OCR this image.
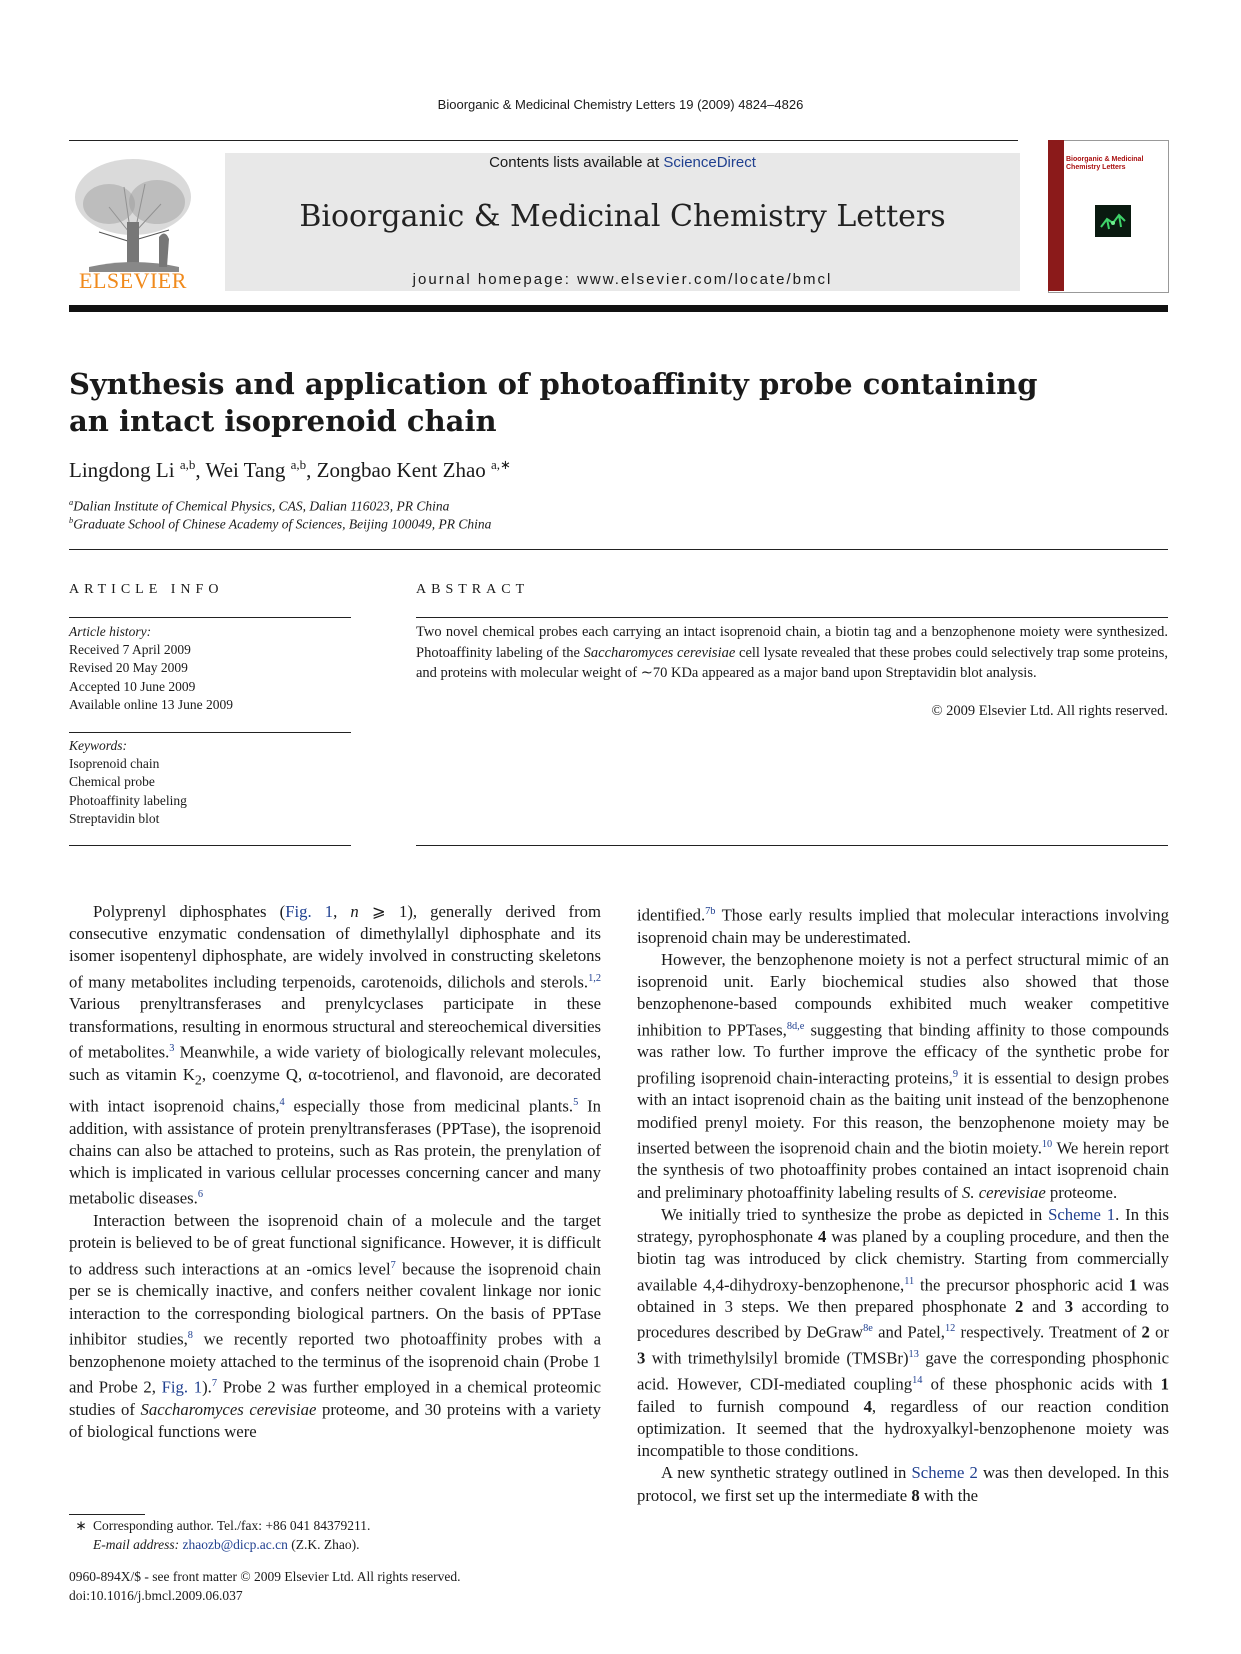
Bioorganic & Medicinal Chemistry Letters 19 (2009) 4824–4826
ELSEVIER
Contents lists available at ScienceDirect
Bioorganic & Medicinal Chemistry Letters
journal homepage: www.elsevier.com/locate/bmcl
Bioorganic & Medicinal Chemistry Letters
Synthesis and application of photoaffinity probe containing an intact isoprenoid chain
Lingdong Li $^{a,b}$, Wei Tang $^{a,b}$, Zongbao Kent Zhao $^{a,∗}$
$^a$Dalian Institute of Chemical Physics, CAS, Dalian 116023, PR China
$^b$Graduate School of Chinese Academy of Sciences, Beijing 100049, PR China
ARTICLE INFO	ABSTRACT
Article history:
Received 7 April 2009
Revised 20 May 2009
Accepted 10 June 2009
Available online 13 June 2009
Keywords:
Isoprenoid chain
Chemical probe
Photoaffinity labeling
Streptavidin blot
Two novel chemical probes each carrying an intact isoprenoid chain, a biotin tag and a benzophenone moiety were synthesized. Photoaffinity labeling of the Saccharomyces cerevisiae cell lysate revealed that these probes could selectively trap some proteins, and proteins with molecular weight of ∼70 KDa appeared as a major band upon Streptavidin blot analysis.
© 2009 Elsevier Ltd. All rights reserved.

Polyprenyl diphosphates (Fig. 1, n ⩾ 1), generally derived from consecutive enzymatic condensation of dimethylallyl diphosphate and its isomer isopentenyl diphosphate, are widely involved in constructing skeletons of many metabolites including terpenoids, carotenoids, dilichols and sterols.$^{1,2}$ Various prenyltransferases and prenylcyclases participate in these transformations, resulting in enormous structural and stereochemical diversities of metabolites.$^3$ Meanwhile, a wide variety of biologically relevant molecules, such as vitamin $K_2$, coenzyme Q, α-tocotrienol, and flavonoid, are decorated with intact isoprenoid chains,$^4$ especially those from medicinal plants.$^5$ In addition, with assistance of protein prenyltransferases (PPTase), the isoprenoid chains can also be attached to proteins, such as Ras protein, the prenylation of which is implicated in various cellular processes concerning cancer and many metabolic diseases.$^6$

Interaction between the isoprenoid chain of a molecule and the target protein is believed to be of great functional significance. However, it is difficult to address such interactions at an -omics level$^7$ because the isoprenoid chain per se is chemically inactive, and confers neither covalent linkage nor ionic interaction to the corresponding biological partners. On the basis of PPTase inhibitor studies,$^8$ we recently reported two photoaffinity probes with a benzophenone moiety attached to the terminus of the isoprenoid chain (Probe 1 and Probe 2, Fig. 1).$^7$ Probe 2 was further employed in a chemical proteomic studies of Saccharomyces cerevisiae proteome, and 30 proteins with a variety of biological functions were

identified.$^{7b}$ Those early results implied that molecular interactions involving isoprenoid chain may be underestimated.

However, the benzophenone moiety is not a perfect structural mimic of an isoprenoid unit. Early biochemical studies also showed that those benzophenone-based compounds exhibited much weaker competitive inhibition to PPTases,$^{8d,e}$ suggesting that binding affinity to those compounds was rather low. To further improve the efficacy of the synthetic probe for profiling isoprenoid chain-interacting proteins,$^9$ it is essential to design probes with an intact isoprenoid chain as the baiting unit instead of the benzophenone modified prenyl moiety. For this reason, the benzophenone moiety may be inserted between the isoprenoid chain and the biotin moiety.$^{10}$ We herein report the synthesis of two photoaffinity probes contained an intact isoprenoid chain and preliminary photoaffinity labeling results of S. cerevisiae proteome.

We initially tried to synthesize the probe as depicted in Scheme 1. In this strategy, pyrophosphonate 4 was planed by a coupling procedure, and then the biotin tag was introduced by click chemistry. Starting from commercially available 4,4-dihydroxy-benzophenone,$^{11}$ the precursor phosphoric acid 1 was obtained in 3 steps. We then prepared phosphonate 2 and 3 according to procedures described by DeGraw$^{8e}$ and Patel,$^{12}$ respectively. Treatment of 2 or 3 with trimethylsilyl bromide (TMSBr)$^{13}$ gave the corresponding phosphonic acid. However, CDI-mediated coupling$^{14}$ of these phosphonic acids with 1 failed to furnish compound 4, regardless of our reaction condition optimization. It seemed that the hydroxyalkyl-benzophenone moiety was incompatible to those conditions.

A new synthetic strategy outlined in Scheme 2 was then developed. In this protocol, we first set up the intermediate 8 with the

∗ Corresponding author. Tel./fax: +86 041 84379211.
E-mail address: zhaozb@dicp.ac.cn (Z.K. Zhao).
0960-894X/$ - see front matter © 2009 Elsevier Ltd. All rights reserved.
doi:10.1016/j.bmcl.2009.06.037
